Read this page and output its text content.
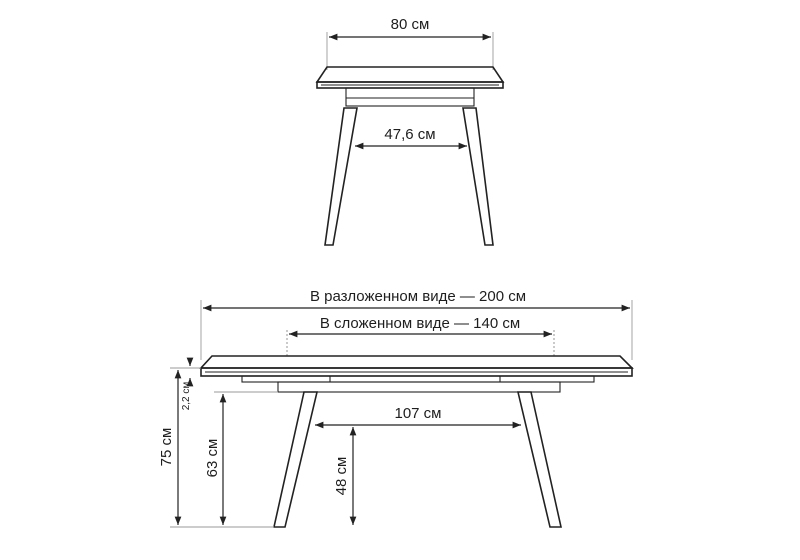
80 см
47,6 см
В разложенном виде — 200 см
В сложенном виде — 140 см
107 см
75 см
2,2 см
63 см	48 см
